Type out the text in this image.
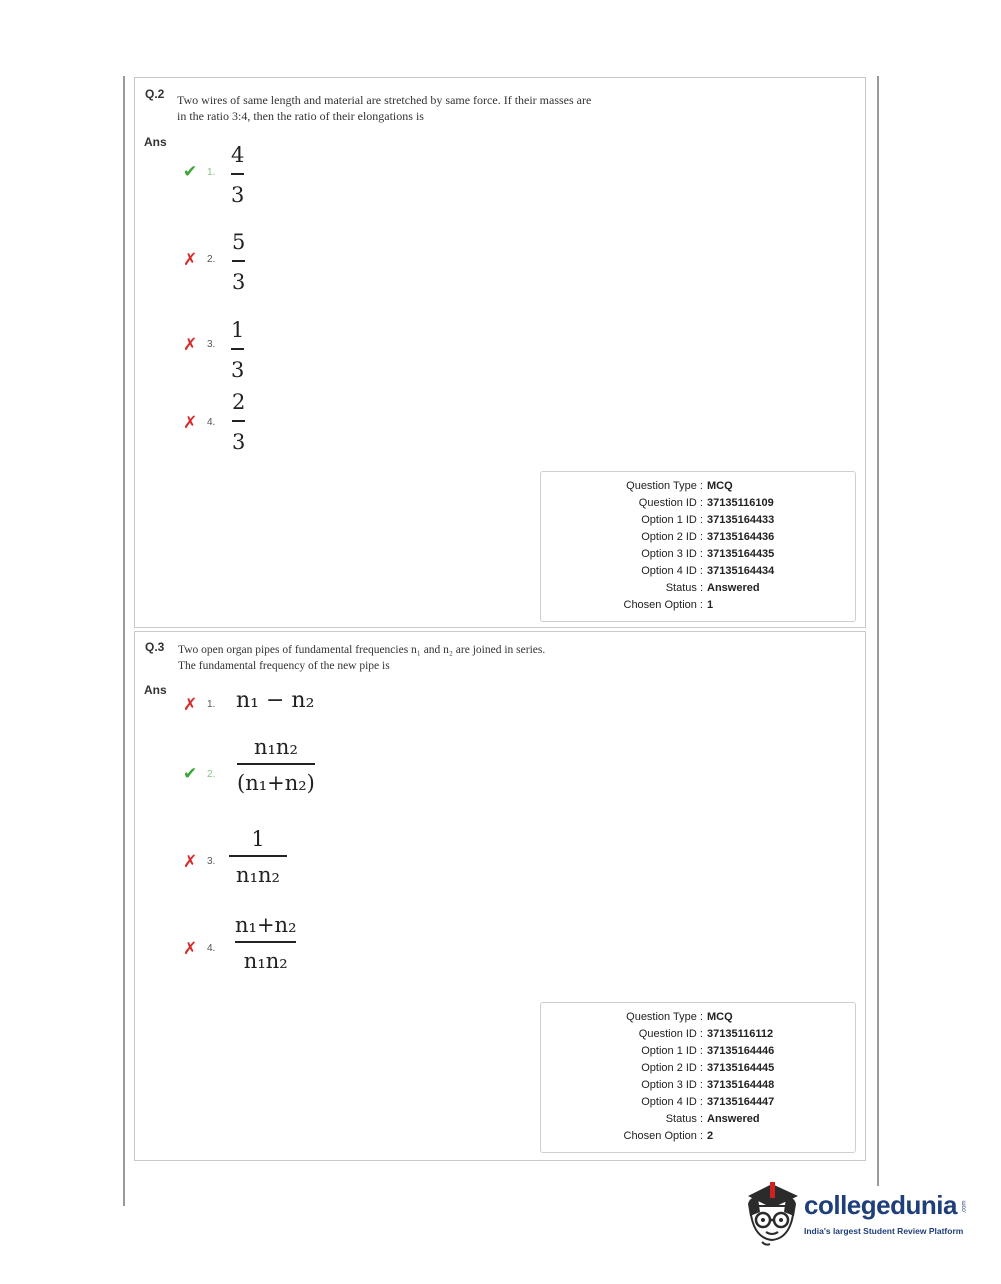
Q.2 Two wires of same length and material are stretched by same force. If their masses are
in the ratio 3:4, then the ratio of their elongations is
Ans
✔ 1.
4
3
✗ 2.
5
3
✗ 3.
1
3
✗ 4.
2
3
Question Type : MCQ
Question ID : 37135116109
Option 1 ID : 37135164433
Option 2 ID : 37135164436
Option 3 ID : 37135164435
Option 4 ID : 37135164434
Status : Answered
Chosen Option : 1
Q.3 Two open organ pipes of fundamental frequencies n₁ and n₂ are joined in series.
The fundamental frequency of the new pipe is
Ans
✗ 1. n₁ − n₂
✔ 2.
n₁n₂
(n₁+n₂)
✗ 3.
1
n₁n₂
✗ 4.
n₁+n₂
n₁n₂
Question Type : MCQ
Question ID : 37135116112
Option 1 ID : 37135164446
Option 2 ID : 37135164445
Option 3 ID : 37135164448
Option 4 ID : 37135164447
Status : Answered
Chosen Option : 2
collegedunia .com
India's largest Student Review Platform
